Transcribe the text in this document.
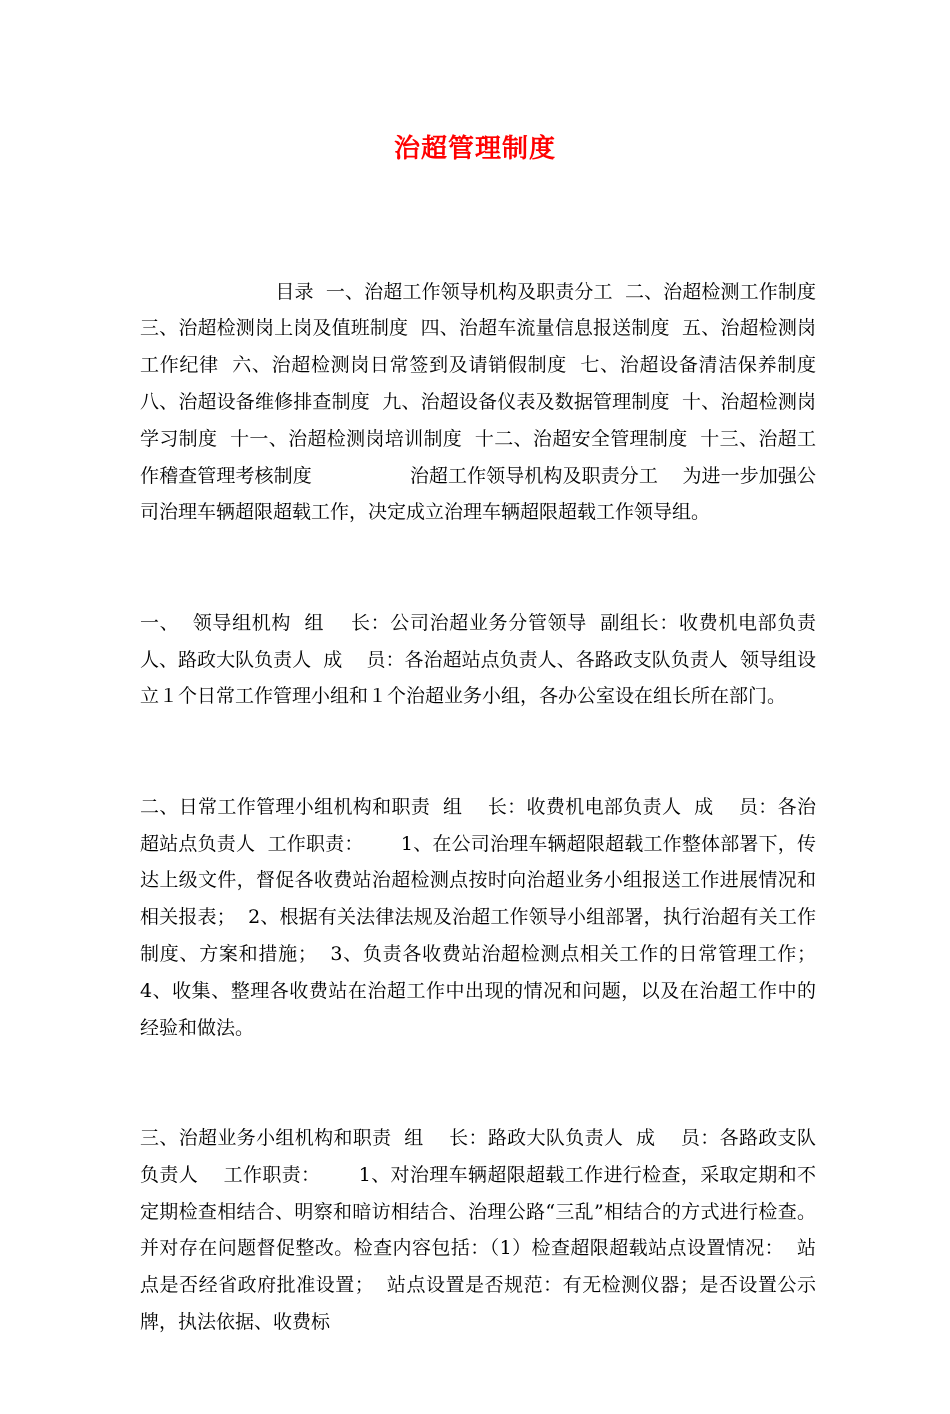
治超管理制度

目录  一、治超工作领导机构及职责分工  二、治超检测工作制度  三、治超检测岗上岗及值班制度  四、治超车流量信息报送制度  五、治超检测岗工作纪律  六、治超检测岗日常签到及请销假制度  七、治超设备清洁保养制度  八、治超设备维修排查制度  九、治超设备仪表及数据管理制度  十、治超检测岗学习制度  十一、治超检测岗培训制度  十二、治超安全管理制度  十三、治超工作稽查管理考核制度                治超工作领导机构及职责分工    为进一步加强公司治理车辆超限超载工作，决定成立治理车辆超限超载工作领导组。

一、  领导组机构  组    长：公司治超业务分管领导  副组长：收费机电部负责人、路政大队负责人  成    员：各治超站点负责人、各路政支队负责人  领导组设立１个日常工作管理小组和１个治超业务小组，各办公室设在组长所在部门。

二、日常工作管理小组机构和职责  组    长：收费机电部负责人  成    员：各治超站点负责人  工作职责：      1、在公司治理车辆超限超载工作整体部署下，传达上级文件，督促各收费站治超检测点按时向治超业务小组报送工作进展情况和相关报表；  2、根据有关法律法规及治超工作领导小组部署，执行治超有关工作制度、方案和措施；  3、负责各收费站治超检测点相关工作的日常管理工作；  4、收集、整理各收费站在治超工作中出现的情况和问题，以及在治超工作中的经验和做法。

三、治超业务小组机构和职责  组    长：路政大队负责人  成    员：各路政支队负责人    工作职责：      1、对治理车辆超限超载工作进行检查，采取定期和不定期检查相结合、明察和暗访相结合、治理公路“三乱”相结合的方式进行检查。并对存在问题督促整改。检查内容包括：（1）检查超限超载站点设置情况：  站点是否经省政府批准设置；  站点设置是否规范：有无检测仪器；是否设置公示牌，执法依据、收费标
